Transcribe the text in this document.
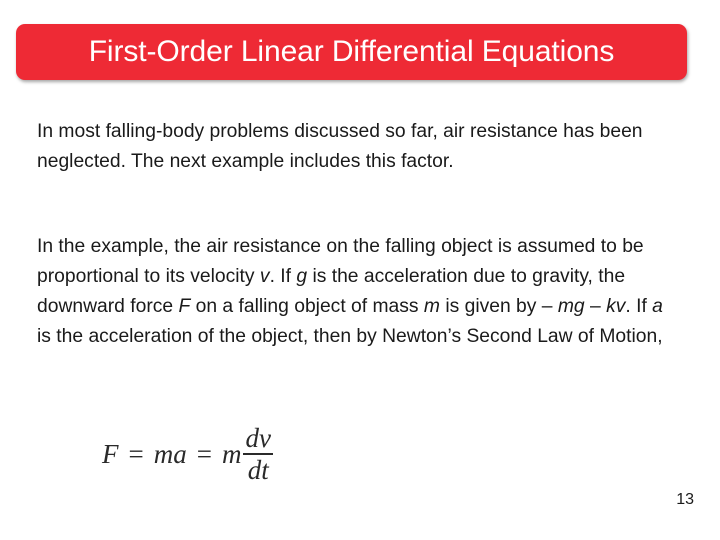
First-Order Linear Differential Equations

In most falling-body problems discussed so far, air resistance has been neglected. The next example includes this factor.

In the example, the air resistance on the falling object is assumed to be proportional to its velocity v. If g is the acceleration due to gravity, the downward force F on a falling object of mass m is given by – mg – kv. If a is the acceleration of the object, then by Newton’s Second Law of Motion,

F = ma = m $\frac{dv}{dt}$
13
